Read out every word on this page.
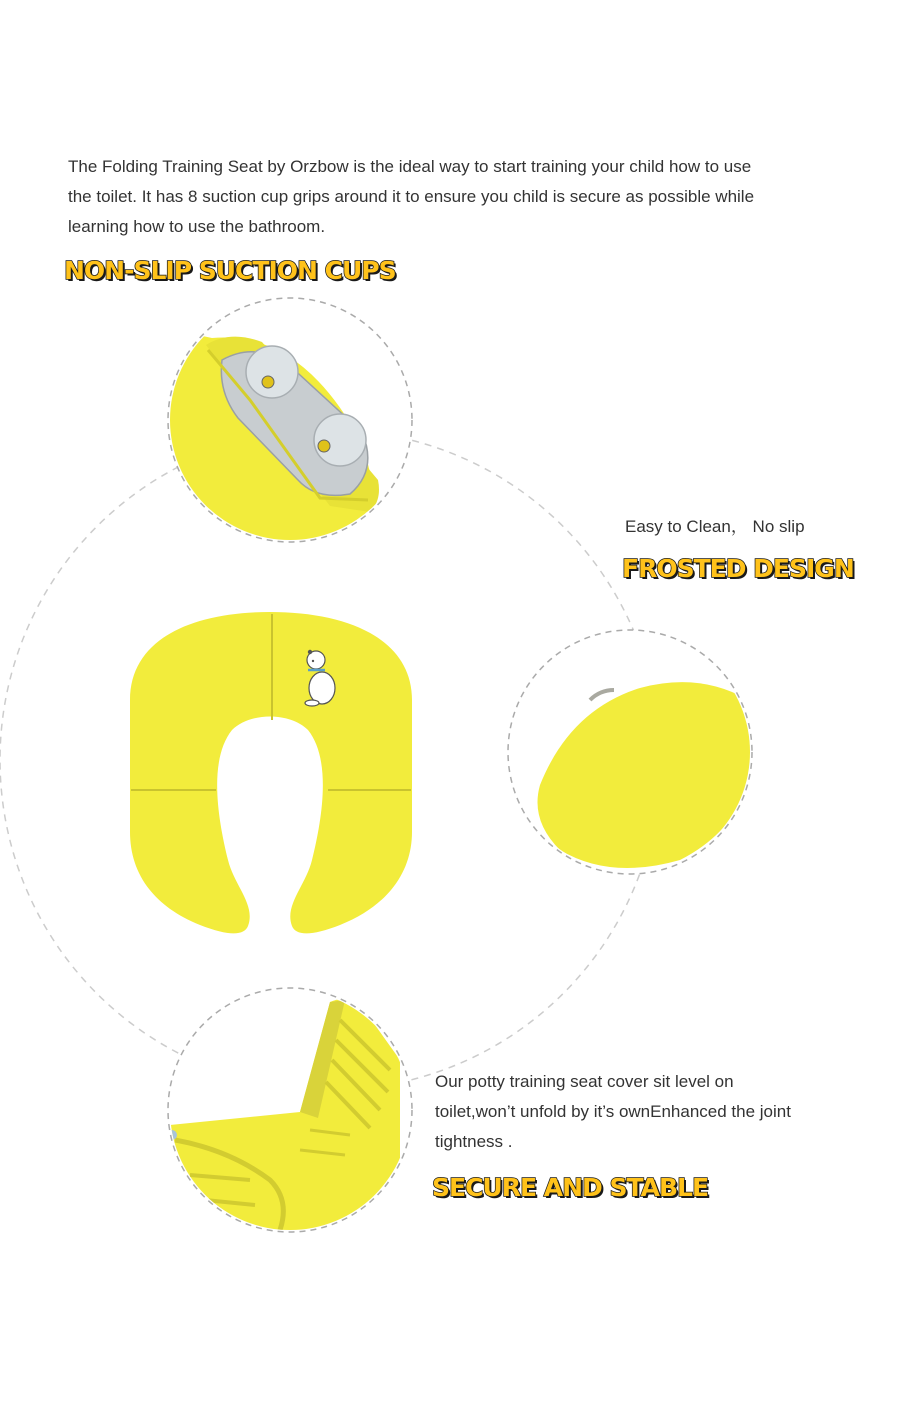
The Folding Training Seat by Orzbow is the ideal way to start training your child how to use the toilet. It has 8 suction cup grips around it to ensure you child is secure as possible while learning how to use the bathroom.

NON-SLIP SUCTION CUPS

Easy to Clean， No slip

FROSTED DESIGN

Our potty training seat cover sit level on toilet,won’t unfold by it’s ownEnhanced the joint tightness .

SECURE AND STABLE
